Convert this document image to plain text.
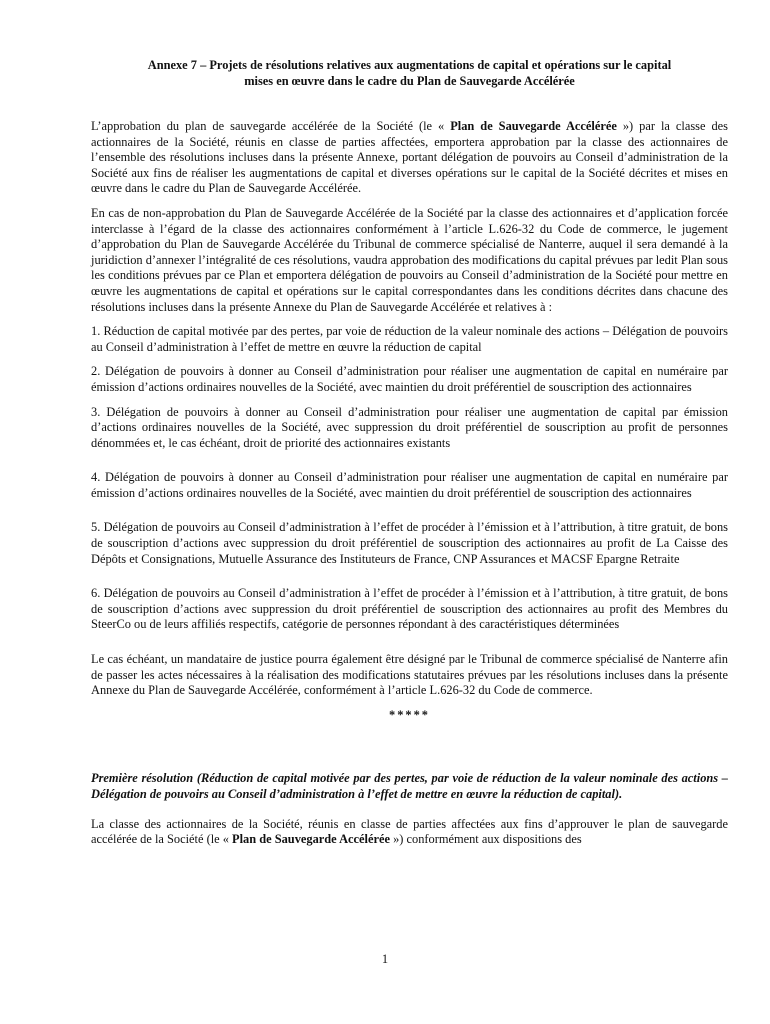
Annexe 7 – Projets de résolutions relatives aux augmentations de capital et opérations sur le capital
mises en œuvre dans le cadre du Plan de Sauvegarde Accélérée

L’approbation du plan de sauvegarde accélérée de la Société (le « Plan de Sauvegarde Accélérée ») par la classe des actionnaires de la Société, réunis en classe de parties affectées, emportera approbation par la classe des actionnaires de l’ensemble des résolutions incluses dans la présente Annexe, portant délégation de pouvoirs au Conseil d’administration de la Société aux fins de réaliser les augmentations de capital et diverses opérations sur le capital de la Société décrites et mises en œuvre dans le cadre du Plan de Sauvegarde Accélérée.

En cas de non-approbation du Plan de Sauvegarde Accélérée de la Société par la classe des actionnaires et d’application forcée interclasse à l’égard de la classe des actionnaires conformément à l’article L.626-32 du Code de commerce, le jugement d’approbation du Plan de Sauvegarde Accélérée du Tribunal de commerce spécialisé de Nanterre, auquel il sera demandé à la juridiction d’annexer l’intégralité de ces résolutions, vaudra approbation des modifications du capital prévues par ledit Plan sous les conditions prévues par ce Plan et emportera délégation de pouvoirs au Conseil d’administration de la Société pour mettre en œuvre les augmentations de capital et opérations sur le capital correspondantes dans les conditions décrites dans chacune des résolutions incluses dans la présente Annexe du Plan de Sauvegarde Accélérée et relatives à :

1. Réduction de capital motivée par des pertes, par voie de réduction de la valeur nominale des actions – Délégation de pouvoirs au Conseil d’administration à l’effet de mettre en œuvre la réduction de capital

2. Délégation de pouvoirs à donner au Conseil d’administration pour réaliser une augmentation de capital en numéraire par émission d’actions ordinaires nouvelles de la Société, avec maintien du droit préférentiel de souscription des actionnaires

3. Délégation de pouvoirs à donner au Conseil d’administration pour réaliser une augmentation de capital par émission d’actions ordinaires nouvelles de la Société, avec suppression du droit préférentiel de souscription au profit de personnes dénommées et, le cas échéant, droit de priorité des actionnaires existants

4. Délégation de pouvoirs à donner au Conseil d’administration pour réaliser une augmentation de capital en numéraire par émission d’actions ordinaires nouvelles de la Société, avec maintien du droit préférentiel de souscription des actionnaires

5. Délégation de pouvoirs au Conseil d’administration à l’effet de procéder à l’émission et à l’attribution, à titre gratuit, de bons de souscription d’actions avec suppression du droit préférentiel de souscription des actionnaires au profit de La Caisse des Dépôts et Consignations, Mutuelle Assurance des Instituteurs de France, CNP Assurances et MACSF Epargne Retraite

6. Délégation de pouvoirs au Conseil d’administration à l’effet de procéder à l’émission et à l’attribution, à titre gratuit, de bons de souscription d’actions avec suppression du droit préférentiel de souscription des actionnaires au profit des Membres du SteerCo ou de leurs affiliés respectifs, catégorie de personnes répondant à des caractéristiques déterminées

Le cas échéant, un mandataire de justice pourra également être désigné par le Tribunal de commerce spécialisé de Nanterre afin de passer les actes nécessaires à la réalisation des modifications statutaires prévues par les résolutions incluses dans la présente Annexe du Plan de Sauvegarde Accélérée, conformément à l’article L.626-32 du Code de commerce.

*****

Première résolution (Réduction de capital motivée par des pertes, par voie de réduction de la valeur nominale des actions – Délégation de pouvoirs au Conseil d’administration à l’effet de mettre en œuvre la réduction de capital).

La classe des actionnaires de la Société, réunis en classe de parties affectées aux fins d’approuver le plan de sauvegarde accélérée de la Société (le « Plan de Sauvegarde Accélérée ») conformément aux dispositions des

1
